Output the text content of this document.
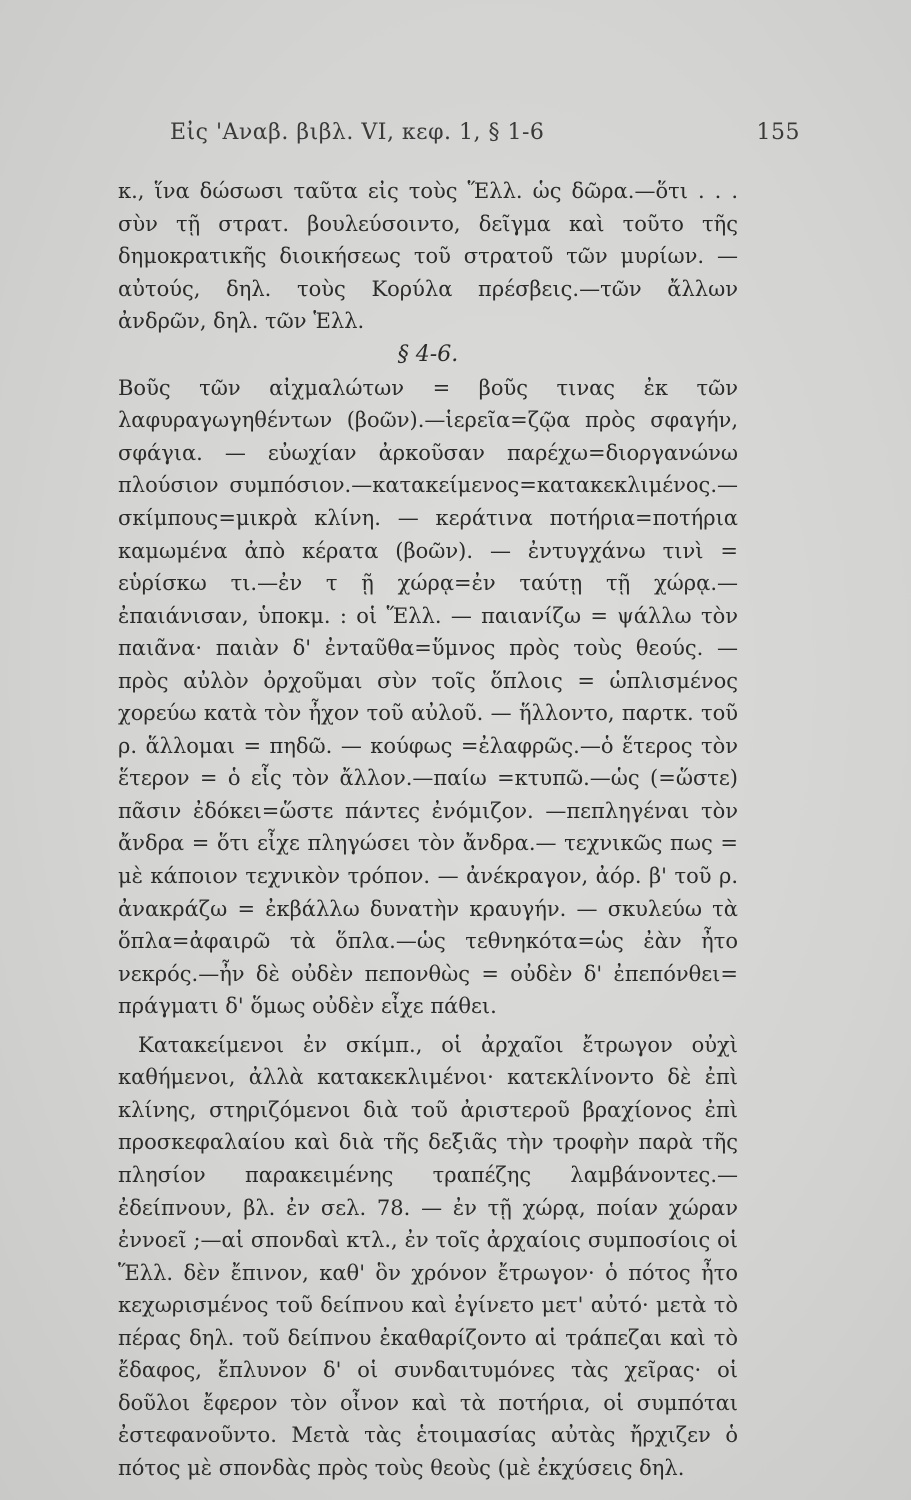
Εἰς 'Αναβ. βιβλ. VI, κεφ. 1, § 1-6	155

κ., ἵνα δώσωσι ταῦτα εἰς τοὺς Ἕλλ. ὡς δῶρα.—ὅτι . . . σὺν τῇ στρατ. βουλεύσοιντο, δεῖγμα καὶ τοῦτο τῆς δημοκρατικῆς διοικήσεως τοῦ στρατοῦ τῶν μυρίων. — αὐτούς, δηλ. τοὺς Κορύλα πρέσβεις.—τῶν ἄλλων ἀνδρῶν, δηλ. τῶν Ἑλλ.

§ 4-6.

Βοῦς τῶν αἰχμαλώτων = βοῦς τινας ἐκ τῶν λαφυραγωγηθέντων (βοῶν).—ἱερεῖα=ζῷα πρὸς σφαγήν, σφάγια. — εὐωχίαν ἀρκοῦσαν παρέχω=διοργανώνω πλούσιον συμπόσιον.—κατακείμενος=κατακεκλιμένος.—σκίμπους=μικρὰ κλίνη. — κεράτινα ποτήρια=ποτήρια καμωμένα ἀπὸ κέρατα (βοῶν). — ἐντυγχάνω τινὶ = εὑρίσκω τι.—ἐν τ ῇ χώρᾳ=ἐν ταύτῃ τῇ χώρᾳ.—ἐπαιάνισαν, ὑποκμ. : οἱ Ἕλλ. — παιανίζω = ψάλλω τὸν παιᾶνα· παιὰν δ' ἐνταῦθα=ὕμνος πρὸς τοὺς θεούς. —πρὸς αὐλὸν ὀρχοῦμαι σὺν τοῖς ὅπλοις = ὡπλισμένος χορεύω κατὰ τὸν ἦχον τοῦ αὐλοῦ. — ἥλλοντο, παρτκ. τοῦ ρ. ἅλλομαι = πηδῶ. — κούφως =ἐλαφρῶς.—ὁ ἕτερος τὸν ἕτερον = ὁ εἷς τὸν ἄλλον.—παίω =κτυπῶ.—ὡς (=ὥστε) πᾶσιν ἐδόκει=ὥστε πάντες ἐνόμιζον. —πεπληγέναι τὸν ἄνδρα = ὅτι εἶχε πληγώσει τὸν ἄνδρα.— τεχνικῶς πως = μὲ κάποιον τεχνικὸν τρόπον. — ἀνέκραγον, ἀόρ. β' τοῦ ρ. ἀνακράζω = ἐκβάλλω δυνατὴν κραυγήν. — σκυλεύω τὰ ὅπλα=ἀφαιρῶ τὰ ὅπλα.—ὡς τεθνηκότα=ὡς ἐὰν ἦτο νεκρός.—ἦν δὲ οὐδὲν πεπονθὼς = οὐδὲν δ' ἐπεπόνθει= πράγματι δ' ὅμως οὐδὲν εἶχε πάθει.

Κατακείμενοι ἐν σκίμπ., οἱ ἀρχαῖοι ἔτρωγον οὐχὶ καθήμενοι, ἀλλὰ κατακεκλιμένοι· κατεκλίνοντο δὲ ἐπὶ κλίνης, στηριζόμενοι διὰ τοῦ ἀριστεροῦ βραχίονος ἐπὶ προσκεφαλαίου καὶ διὰ τῆς δεξιᾶς τὴν τροφὴν παρὰ τῆς πλησίον παρακειμένης τραπέζης λαμβάνοντες.—ἐδείπνουν, βλ. ἐν σελ. 78. — ἐν τῇ χώρᾳ, ποίαν χώραν ἐννοεῖ ;—αἱ σπονδαὶ κτλ., ἐν τοῖς ἀρχαίοις συμποσίοις οἱ Ἕλλ. δὲν ἔπινον, καθ' ὃν χρόνον ἔτρωγον· ὁ πότος ἦτο κεχωρισμένος τοῦ δείπνου καὶ ἐγίνετο μετ' αὐτό· μετὰ τὸ πέρας δηλ. τοῦ δείπνου ἐκαθαρίζοντο αἱ τράπεζαι καὶ τὸ ἔδαφος, ἔπλυνον δ' οἱ συνδαιτυμόνες τὰς χεῖρας· οἱ δοῦλοι ἔφερον τὸν οἶνον καὶ τὰ ποτήρια, οἱ συμπόται ἐστεφανοῦντο. Μετὰ τὰς ἑτοιμασίας αὐτὰς ἤρχιζεν ὁ πότος μὲ σπονδὰς πρὸς τοὺς θεοὺς (μὲ ἐκχύσεις δηλ.
